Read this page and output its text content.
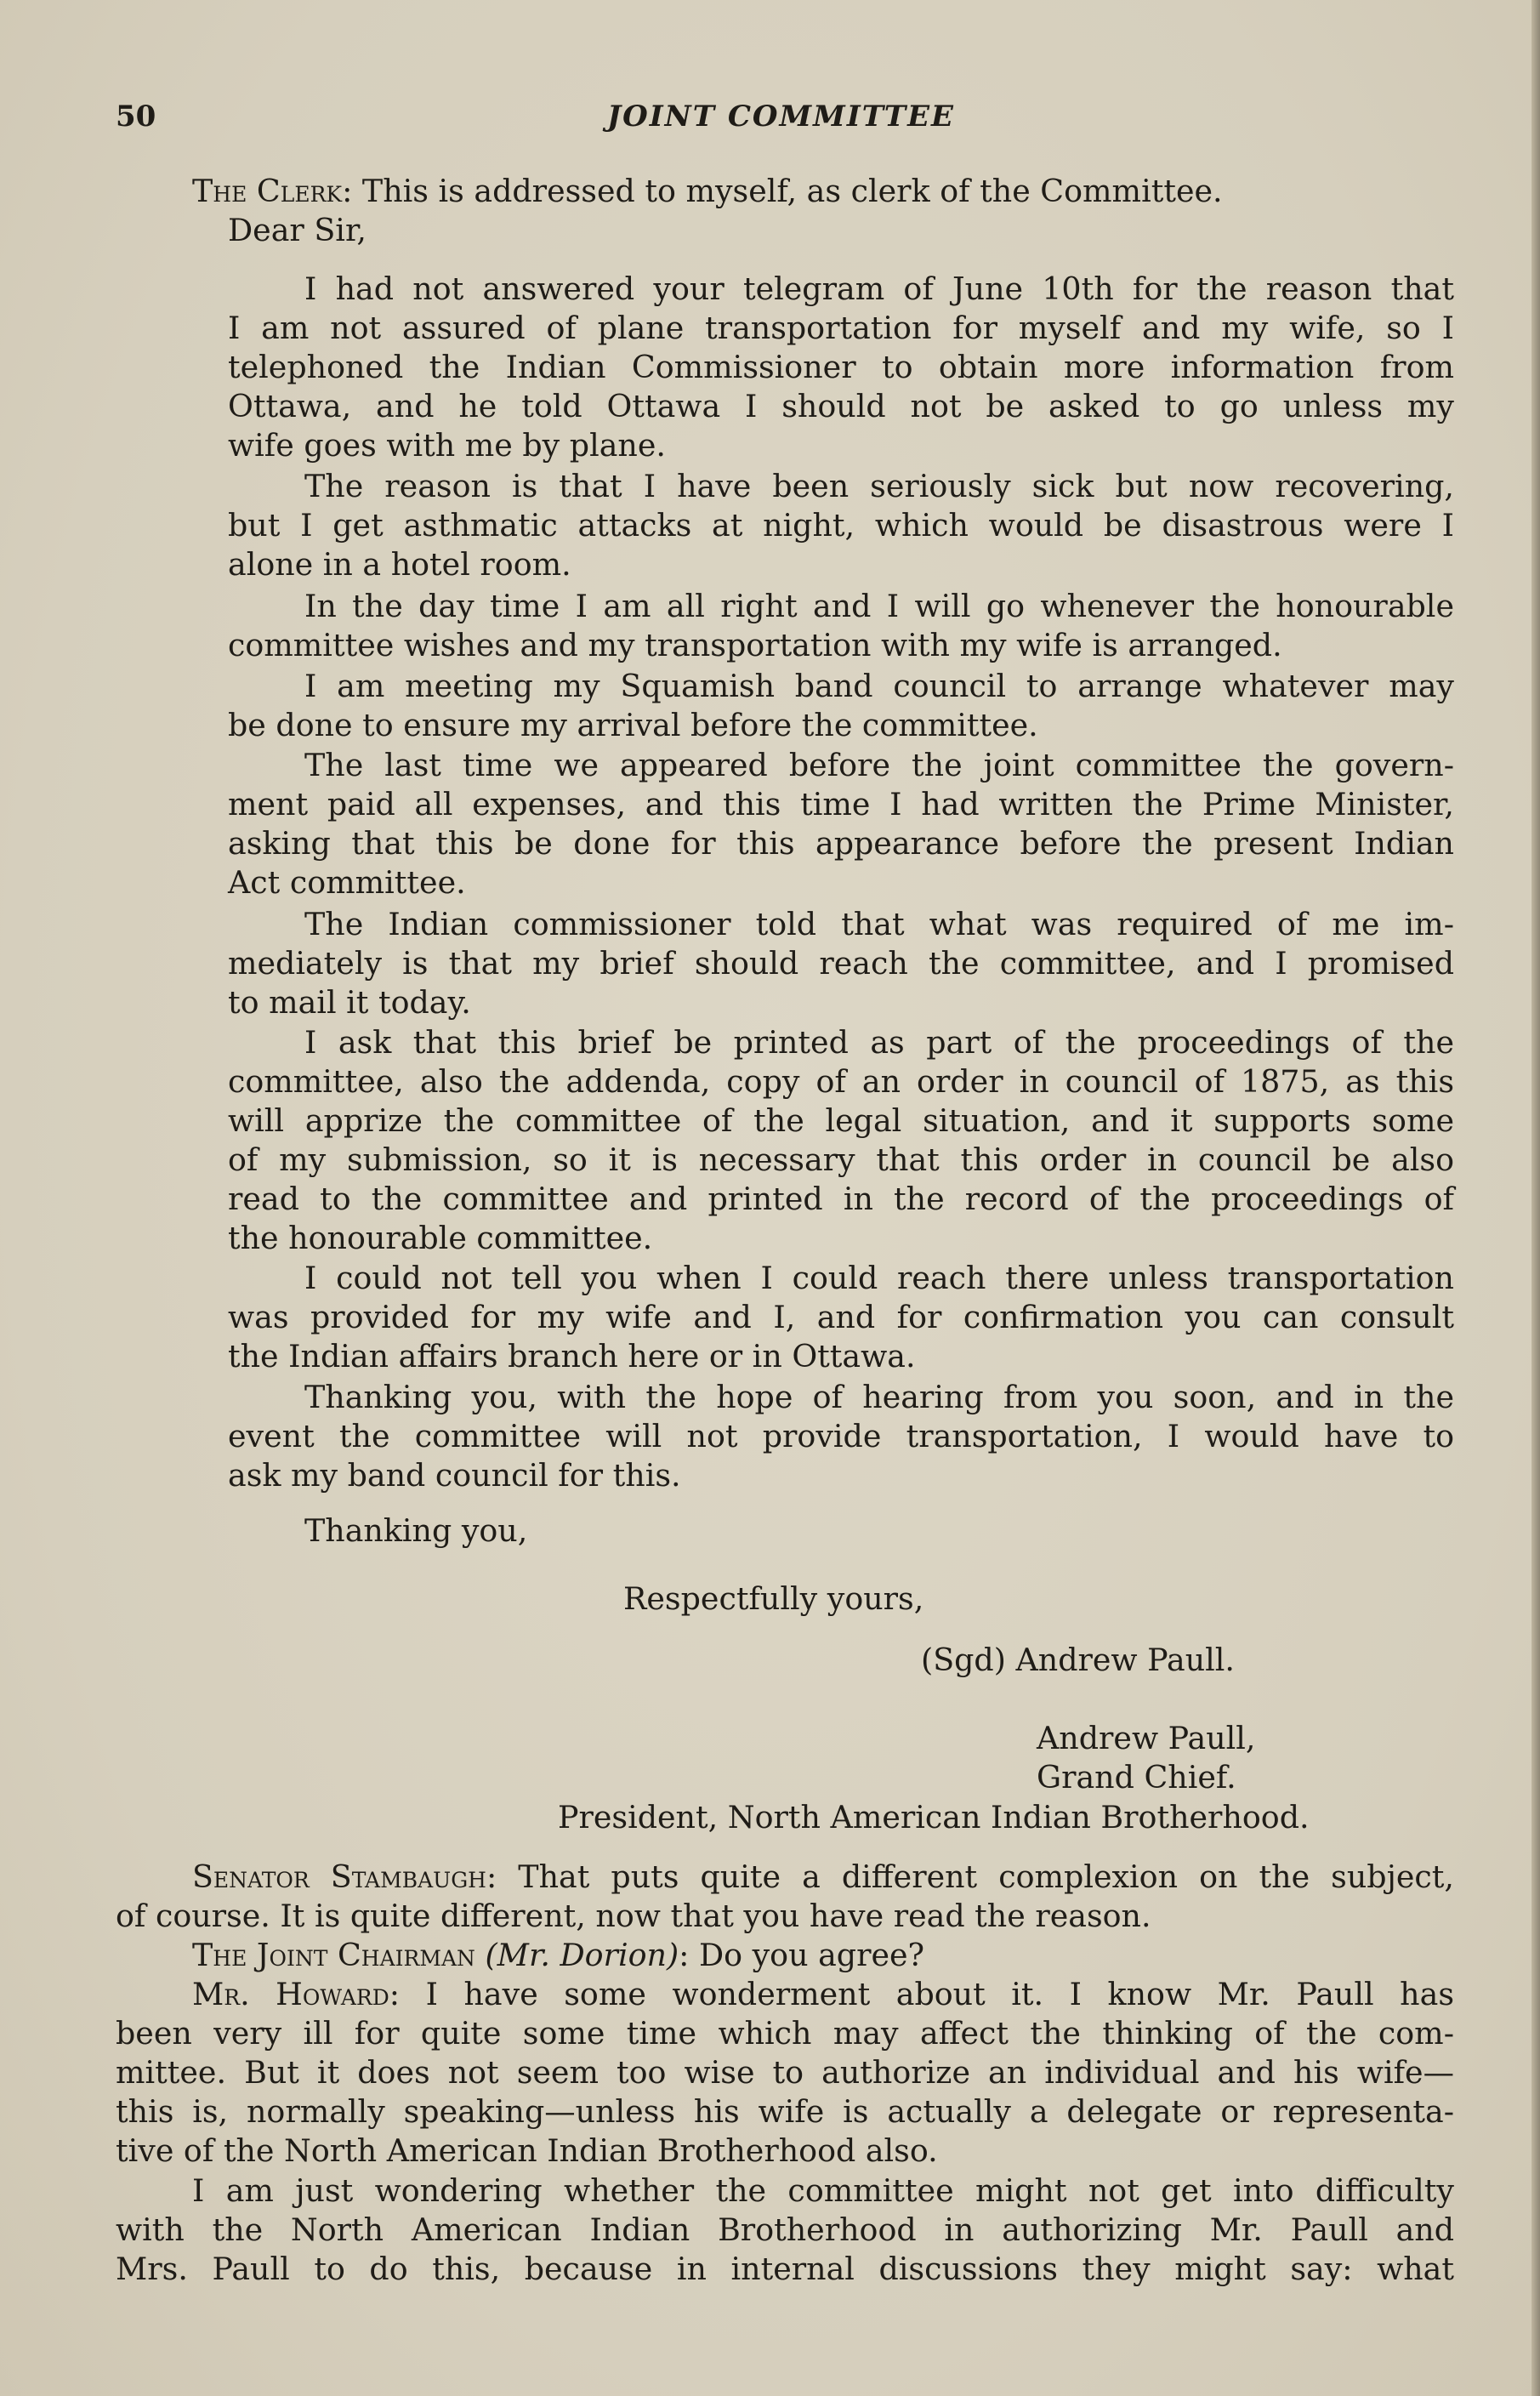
50	JOINT COMMITTEE
The Clerk: This is addressed to myself, as clerk of the Committee.
Dear Sir,
I had not answered your telegram of June 10th for the reason that
I am not assured of plane transportation for myself and my wife, so I
telephoned the Indian Commissioner to obtain more information from
Ottawa, and he told Ottawa I should not be asked to go unless my
wife goes with me by plane.
The reason is that I have been seriously sick but now recovering,
but I get asthmatic attacks at night, which would be disastrous were I
alone in a hotel room.
In the day time I am all right and I will go whenever the honourable
committee wishes and my transportation with my wife is arranged.
I am meeting my Squamish band council to arrange whatever may
be done to ensure my arrival before the committee.
The last time we appeared before the joint committee the govern-
ment paid all expenses, and this time I had written the Prime Minister,
asking that this be done for this appearance before the present Indian
Act committee.
The Indian commissioner told that what was required of me im-
mediately is that my brief should reach the committee, and I promised
to mail it today.
I ask that this brief be printed as part of the proceedings of the
committee, also the addenda, copy of an order in council of 1875, as this
will apprize the committee of the legal situation, and it supports some
of my submission, so it is necessary that this order in council be also
read to the committee and printed in the record of the proceedings of
the honourable committee.
I could not tell you when I could reach there unless transportation
was provided for my wife and I, and for confirmation you can consult
the Indian affairs branch here or in Ottawa.
Thanking you, with the hope of hearing from you soon, and in the
event the committee will not provide transportation, I would have to
ask my band council for this.
Thanking you,
Respectfully yours,
(Sgd) Andrew Paull.
Andrew Paull,
Grand Chief.
President, North American Indian Brotherhood.
Senator Stambaugh: That puts quite a different complexion on the subject,
of course. It is quite different, now that you have read the reason.
The Joint Chairman (Mr. Dorion): Do you agree?
Mr. Howard: I have some wonderment about it. I know Mr. Paull has
been very ill for quite some time which may affect the thinking of the com-
mittee. But it does not seem too wise to authorize an individual and his wife—
this is, normally speaking—unless his wife is actually a delegate or representa-
tive of the North American Indian Brotherhood also.
I am just wondering whether the committee might not get into difficulty
with the North American Indian Brotherhood in authorizing Mr. Paull and
Mrs. Paull to do this, because in internal discussions they might say: what
